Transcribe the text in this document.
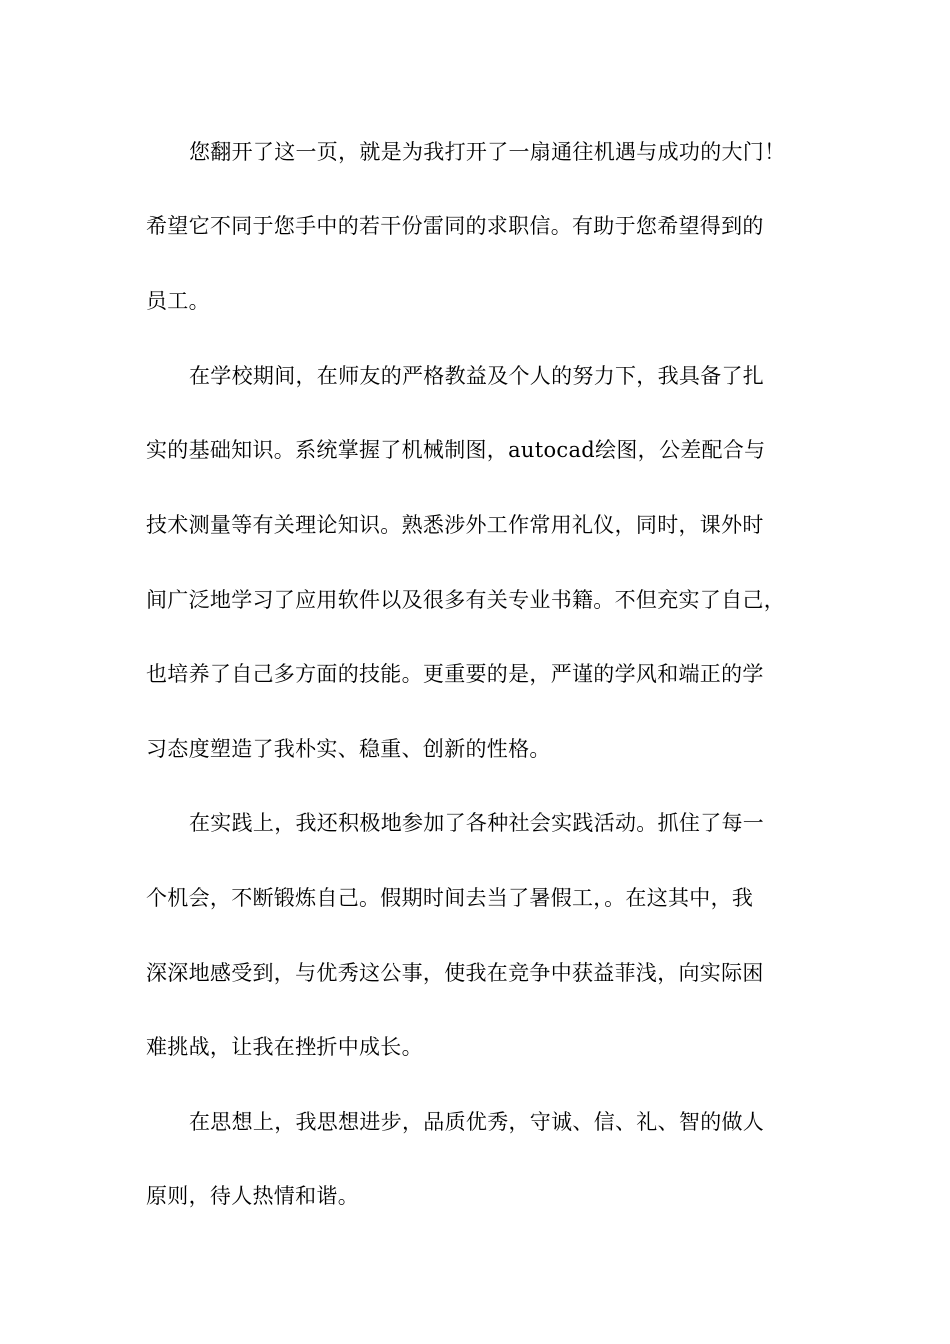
您翻开了这一页，就是为我打开了一扇通往机遇与成功的大门！
希望它不同于您手中的若干份雷同的求职信。有助于您希望得到的
员工。
在学校期间，在师友的严格教益及个人的努力下，我具备了扎
实的基础知识。系统掌握了机械制图，autocad绘图，公差配合与
技术测量等有关理论知识。熟悉涉外工作常用礼仪，同时，课外时
间广泛地学习了应用软件以及很多有关专业书籍。不但充实了自己，
也培养了自己多方面的技能。更重要的是，严谨的学风和端正的学
习态度塑造了我朴实、稳重、创新的性格。
在实践上，我还积极地参加了各种社会实践活动。抓住了每一
个机会，不断锻炼自己。假期时间去当了暑假工，。在这其中，我
深深地感受到，与优秀这公事，使我在竞争中获益菲浅，向实际困
难挑战，让我在挫折中成长。
在思想上，我思想进步，品质优秀，守诚、信、礼、智的做人
原则，待人热情和谐。
